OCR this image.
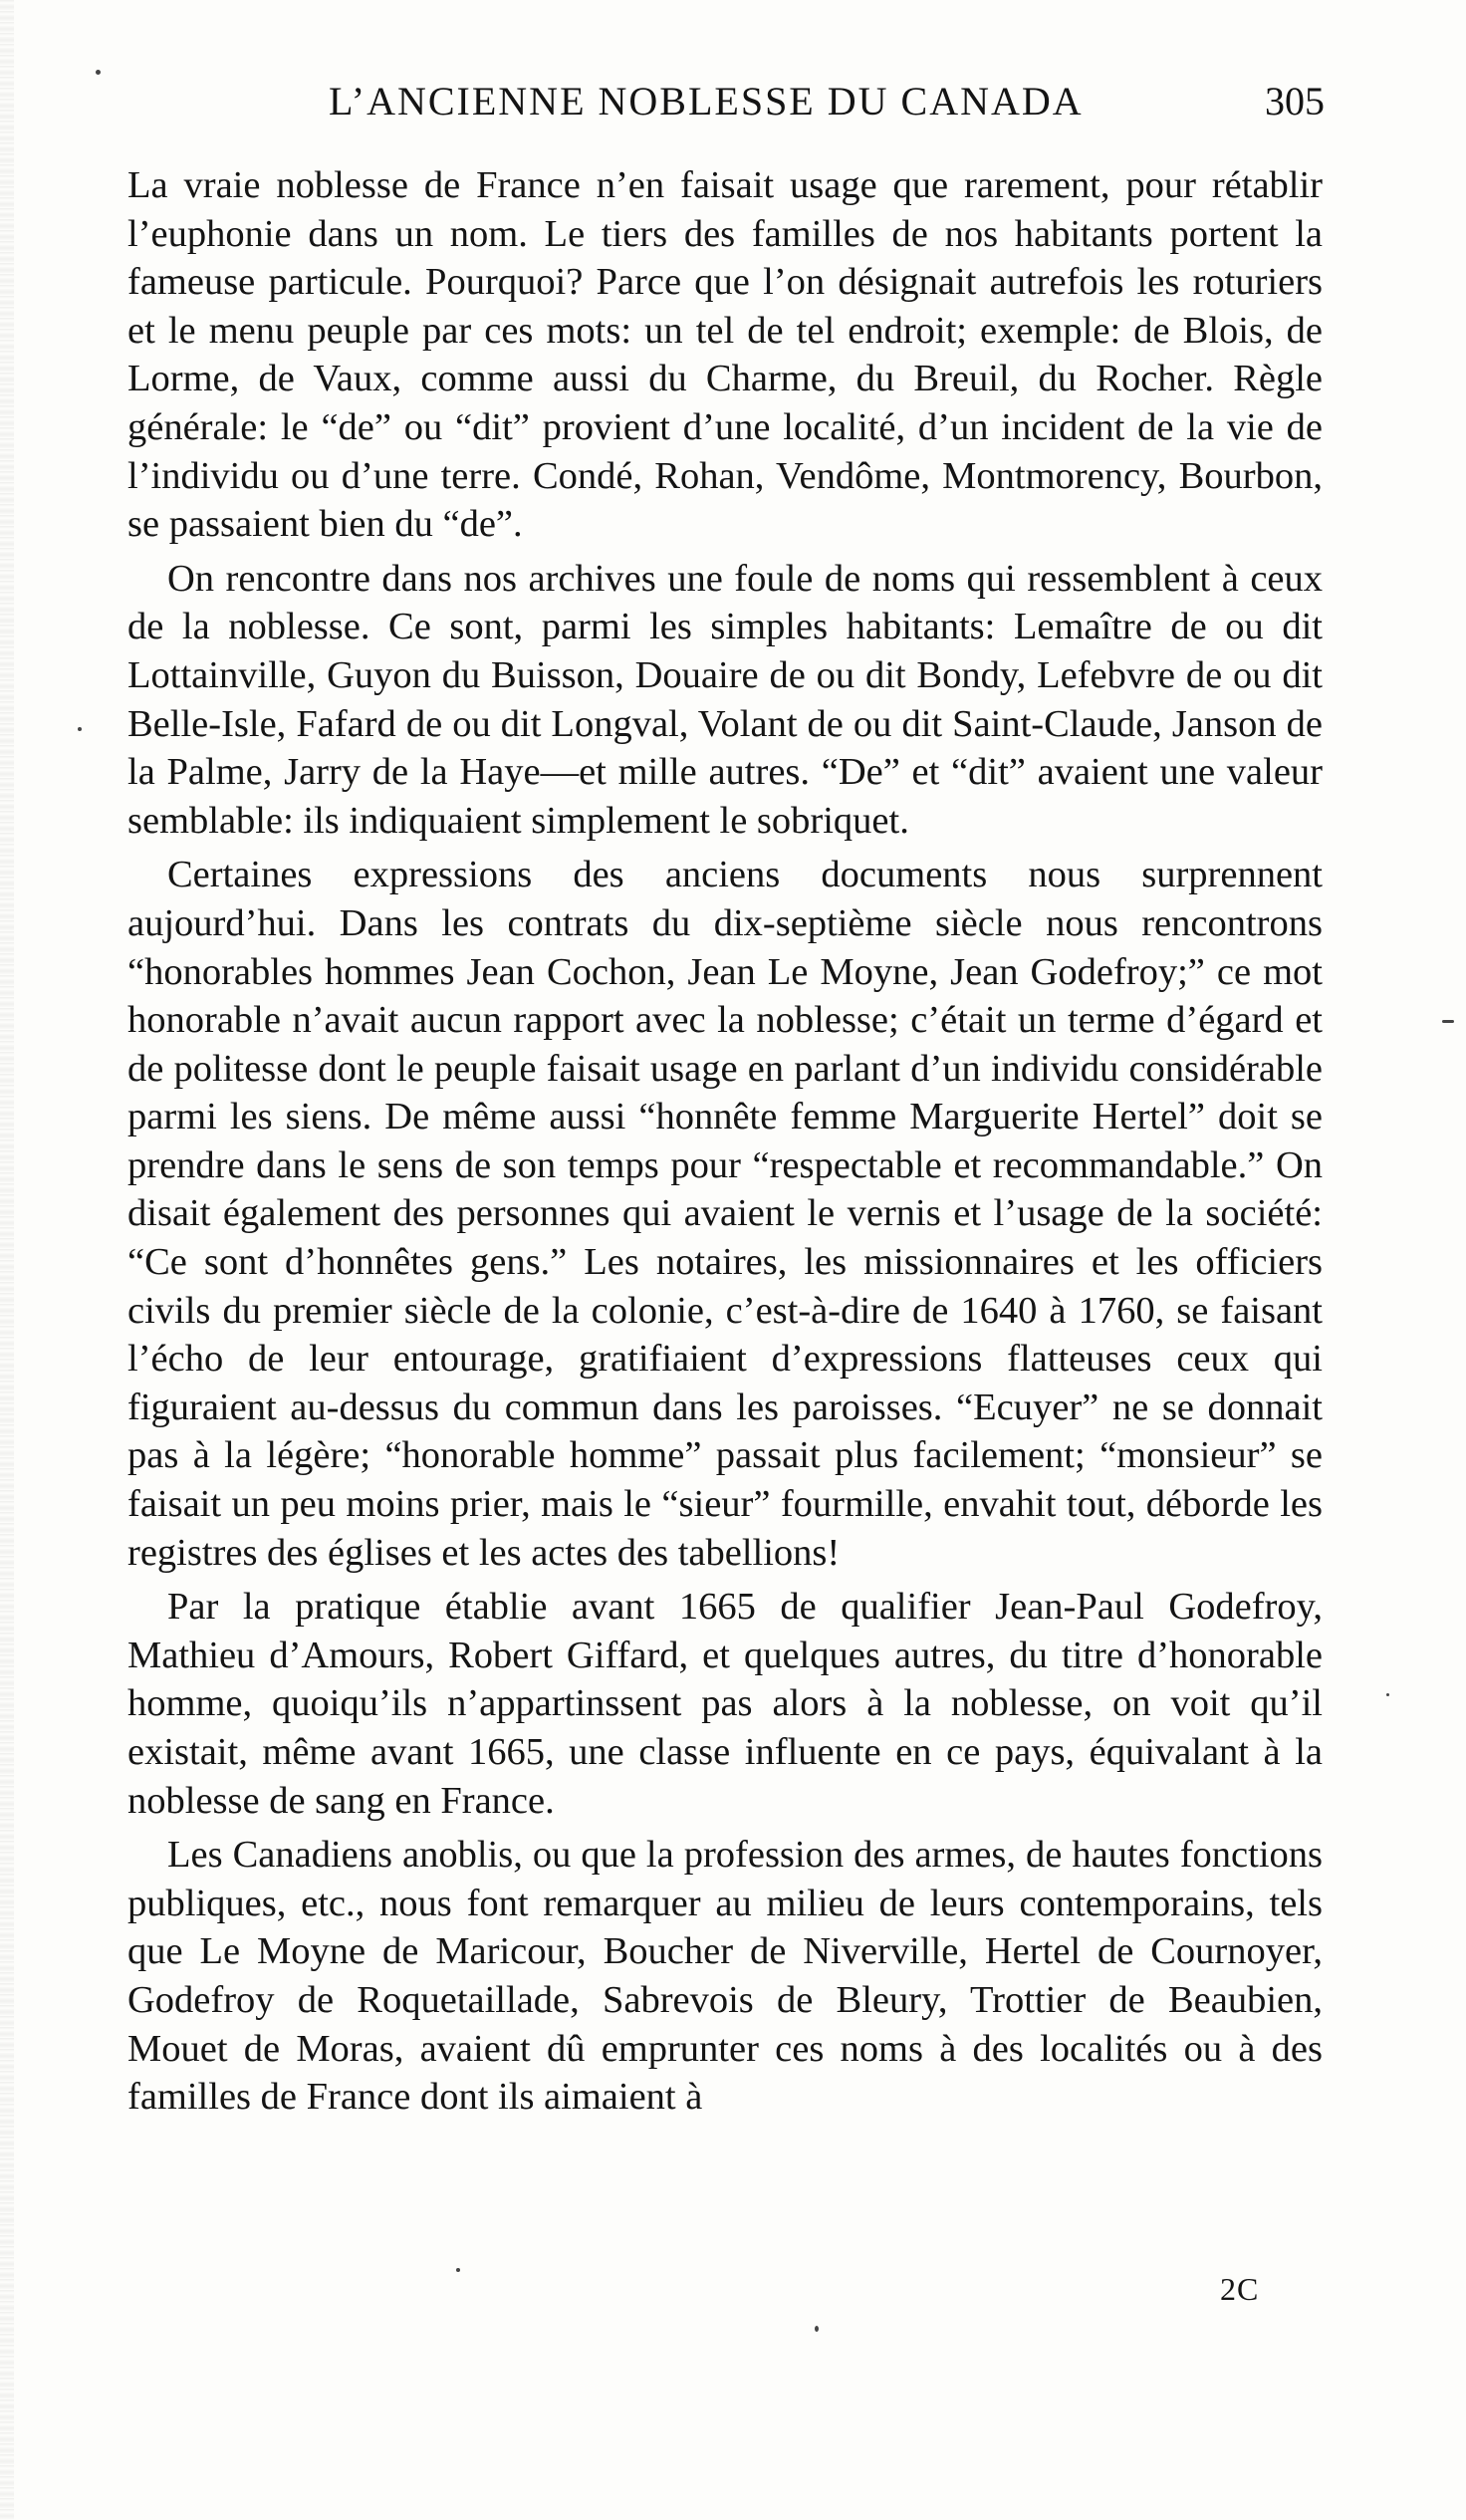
L’ANCIENNE NOBLESSE DU CANADA	305

La vraie noblesse de France n’en faisait usage que rarement, pour rétablir l’euphonie dans un nom. Le tiers des familles de nos habitants portent la fameuse particule. Pourquoi? Parce que l’on désignait autrefois les roturiers et le menu peuple par ces mots: un tel de tel endroit; exemple: de Blois, de Lorme, de Vaux, comme aussi du Charme, du Breuil, du Rocher. Règle générale: le “de” ou “dit” provient d’une localité, d’un incident de la vie de l’individu ou d’une terre. Condé, Rohan, Vendôme, Montmorency, Bourbon, se passaient bien du “de”.

On rencontre dans nos archives une foule de noms qui ressemblent à ceux de la noblesse. Ce sont, parmi les simples habitants: Lemaître de ou dit Lottainville, Guyon du Buisson, Douaire de ou dit Bondy, Lefebvre de ou dit Belle-Isle, Fafard de ou dit Longval, Volant de ou dit Saint-Claude, Janson de la Palme, Jarry de la Haye—et mille autres. “De” et “dit” avaient une valeur semblable: ils indiquaient simplement le sobriquet.

Certaines expressions des anciens documents nous surprennent aujourd’hui. Dans les contrats du dix-septième siècle nous rencontrons “honorables hommes Jean Cochon, Jean Le Moyne, Jean Godefroy;” ce mot honorable n’avait aucun rapport avec la noblesse; c’était un terme d’égard et de politesse dont le peuple faisait usage en parlant d’un individu considérable parmi les siens. De même aussi “honnête femme Marguerite Hertel” doit se prendre dans le sens de son temps pour “respectable et recommandable.” On disait également des personnes qui avaient le vernis et l’usage de la société: “Ce sont d’honnêtes gens.” Les notaires, les missionnaires et les officiers civils du premier siècle de la colonie, c’est-à-dire de 1640 à 1760, se faisant l’écho de leur entourage, gratifiaient d’expressions flatteuses ceux qui figuraient au-dessus du commun dans les paroisses. “Ecuyer” ne se donnait pas à la légère; “honorable homme” passait plus facilement; “monsieur” se faisait un peu moins prier, mais le “sieur” fourmille, envahit tout, déborde les registres des églises et les actes des tabellions!

Par la pratique établie avant 1665 de qualifier Jean-Paul Godefroy, Mathieu d’Amours, Robert Giffard, et quelques autres, du titre d’honorable homme, quoiqu’ils n’appartinssent pas alors à la noblesse, on voit qu’il existait, même avant 1665, une classe influente en ce pays, équivalant à la noblesse de sang en France.

Les Canadiens anoblis, ou que la profession des armes, de hautes fonctions publiques, etc., nous font remarquer au milieu de leurs contemporains, tels que Le Moyne de Maricour, Boucher de Niverville, Hertel de Cournoyer, Godefroy de Roquetaillade, Sabrevois de Bleury, Trottier de Beaubien, Mouet de Moras, avaient dû emprunter ces noms à des localités ou à des familles de France dont ils aimaient à

2C
